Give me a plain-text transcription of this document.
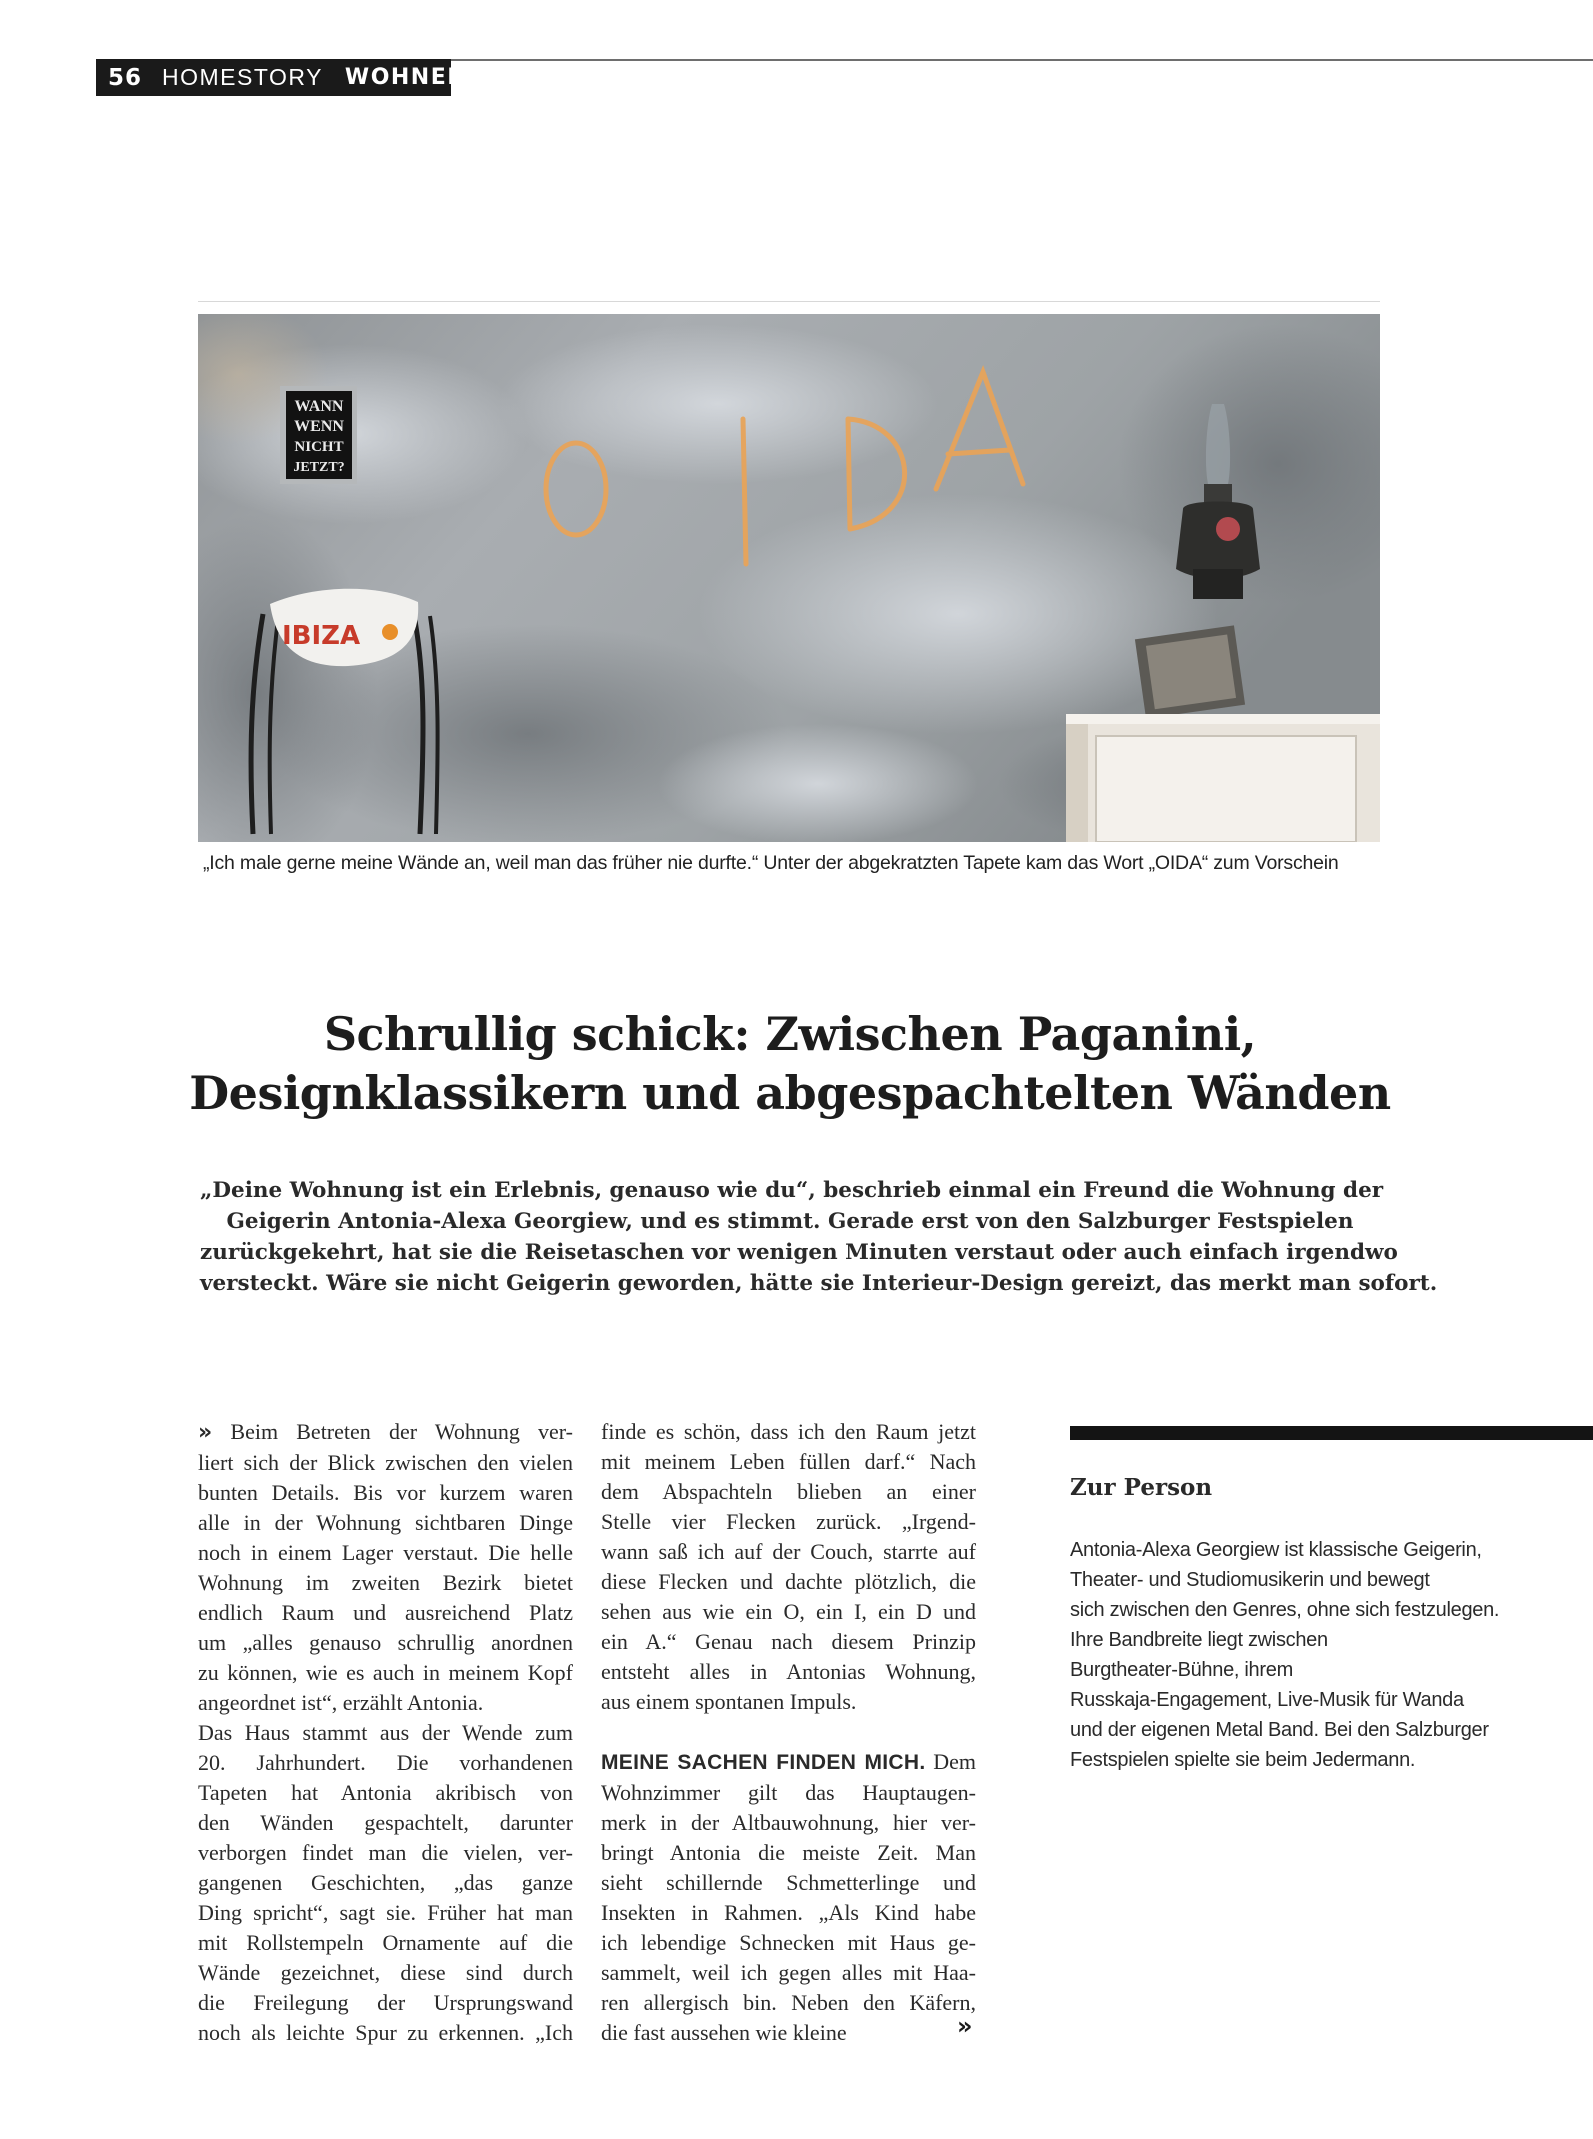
56 HOMESTORY WOHNEN
WANN
WENN
NICHT
JETZT?
IBIZA
„Ich male gerne meine Wände an, weil man das früher nie durfte.“ Unter der abgekratzten Tapete kam das Wort „OIDA“ zum Vorschein
Schrullig schick: Zwischen Paganini,
Designklassikern und abgespachtelten Wänden
„Deine Wohnung ist ein Erlebnis, genauso wie du“, beschrieb einmal ein Freund die Wohnung der
Geigerin Antonia-Alexa Georgiew, und es stimmt. Gerade erst von den Salzburger Festspielen
zurückgekehrt, hat sie die Reisetaschen vor wenigen Minuten verstaut oder auch einfach irgendwo
versteckt. Wäre sie nicht Geigerin geworden, hätte sie Interieur-Design gereizt, das merkt man sofort.
» Beim Betreten der Wohnung ver-
liert sich der Blick zwischen den vielen
bunten Details. Bis vor kurzem waren
alle in der Wohnung sichtbaren Dinge
noch in einem Lager verstaut. Die helle
Wohnung im zweiten Bezirk bietet
endlich Raum und ausreichend Platz
um „alles genauso schrullig anordnen
zu können, wie es auch in meinem Kopf
angeordnet ist“, erzählt Antonia.
Das Haus stammt aus der Wende zum
20. Jahrhundert. Die vorhandenen
Tapeten hat Antonia akribisch von
den Wänden gespachtelt, darunter
verborgen findet man die vielen, ver-
gangenen Geschichten, „das ganze
Ding spricht“, sagt sie. Früher hat man
mit Rollstempeln Ornamente auf die
Wände gezeichnet, diese sind durch
die Freilegung der Ursprungswand
noch als leichte Spur zu erkennen. „Ich
finde es schön, dass ich den Raum jetzt
mit meinem Leben füllen darf.“ Nach
dem Abspachteln blieben an einer
Stelle vier Flecken zurück. „Irgend-
wann saß ich auf der Couch, starrte auf
diese Flecken und dachte plötzlich, die
sehen aus wie ein O, ein I, ein D und
ein A.“ Genau nach diesem Prinzip
entsteht alles in Antonias Wohnung,
aus einem spontanen Impuls.
MEINE SACHEN FINDEN MICH. Dem
Wohnzimmer gilt das Hauptaugen-
merk in der Altbauwohnung, hier ver-
bringt Antonia die meiste Zeit. Man
sieht schillernde Schmetterlinge und
Insekten in Rahmen. „Als Kind habe
ich lebendige Schnecken mit Haus ge-
sammelt, weil ich gegen alles mit Haa-
ren allergisch bin. Neben den Käfern,
die fast aussehen wie kleine	»
Zur Person
Antonia-Alexa Georgiew ist klassische Geigerin,
Theater- und Studiomusikerin und bewegt
sich zwischen den Genres, ohne sich festzulegen.
Ihre Bandbreite liegt zwischen
Burgtheater-Bühne, ihrem
Russkaja-Engagement, Live-Musik für Wanda
und der eigenen Metal Band. Bei den Salzburger
Festspielen spielte sie beim Jedermann.
